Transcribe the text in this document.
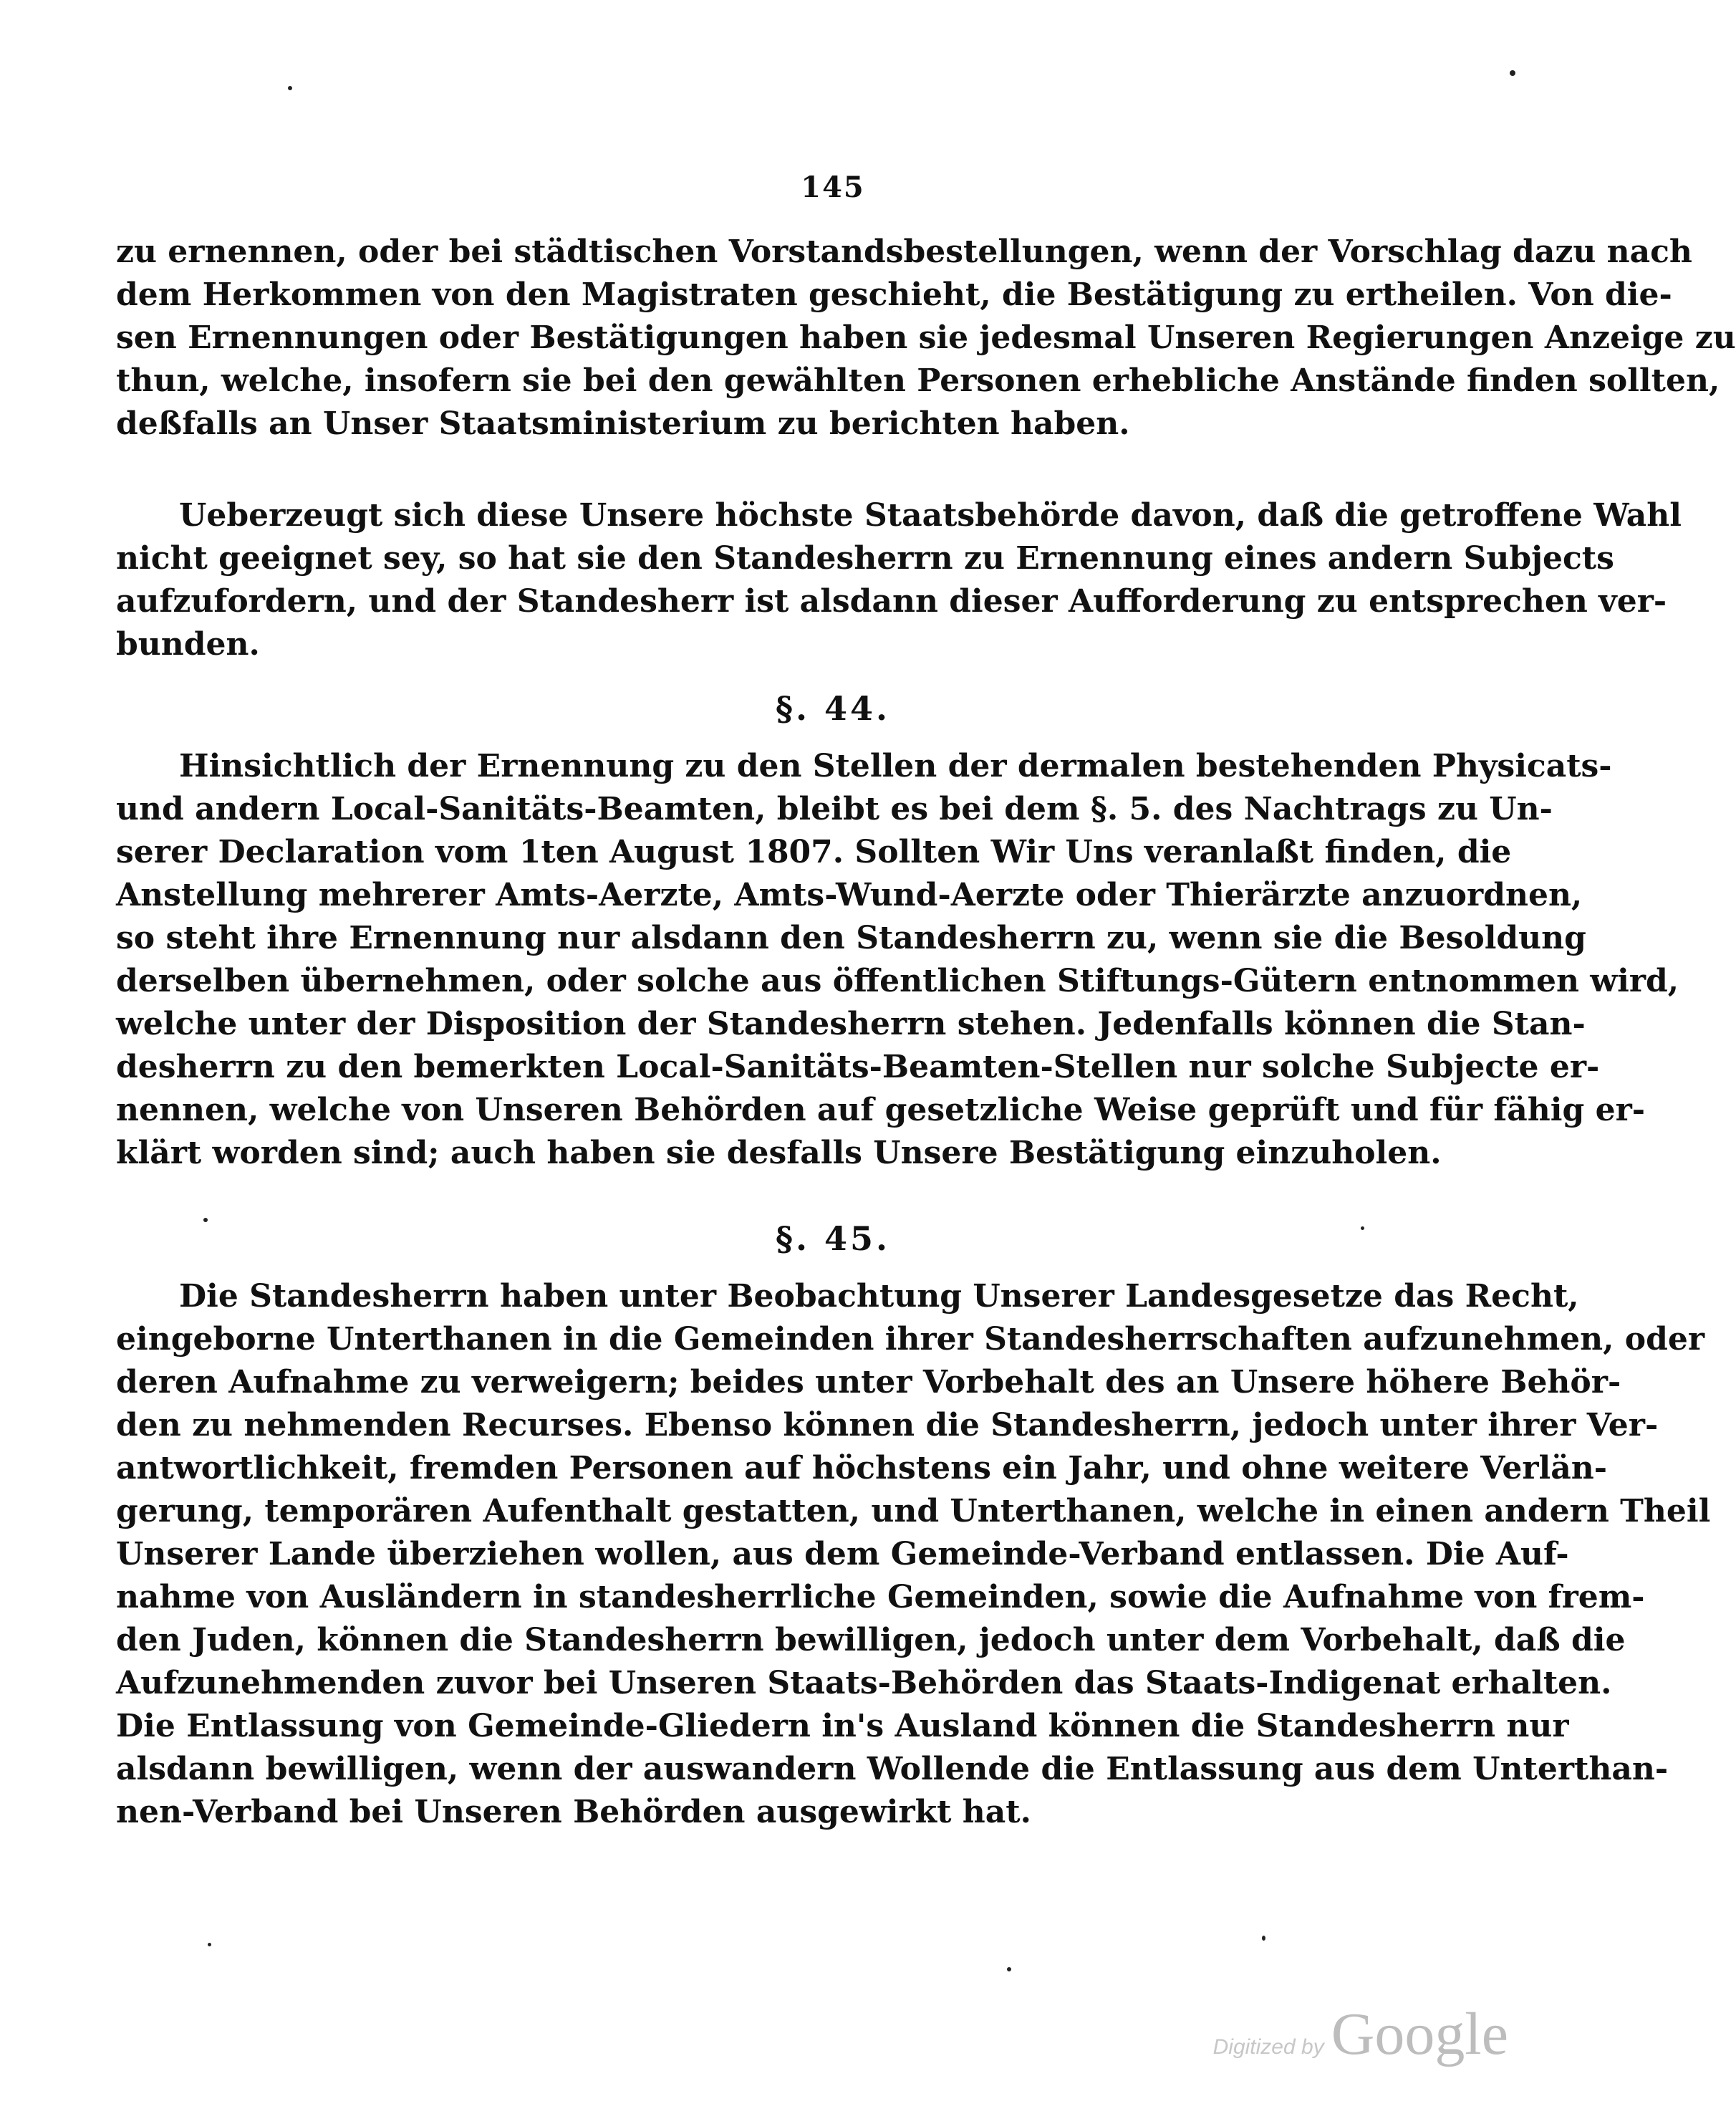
145
zu ernennen, oder bei städtischen Vorstandsbestellungen, wenn der Vorschlag dazu nach
dem Herkommen von den Magistraten geschieht, die Bestätigung zu ertheilen. Von die-
sen Ernennungen oder Bestätigungen haben sie jedesmal Unseren Regierungen Anzeige zu
thun, welche, insofern sie bei den gewählten Personen erhebliche Anstände finden sollten,
deßfalls an Unser Staatsministerium zu berichten haben.
Ueberzeugt sich diese Unsere höchste Staatsbehörde davon, daß die getroffene Wahl
nicht geeignet sey, so hat sie den Standesherrn zu Ernennung eines andern Subjects
aufzufordern, und der Standesherr ist alsdann dieser Aufforderung zu entsprechen ver-
bunden.
§. 44.
Hinsichtlich der Ernennung zu den Stellen der dermalen bestehenden Physicats-
und andern Local-Sanitäts-Beamten, bleibt es bei dem §. 5. des Nachtrags zu Un-
serer Declaration vom 1ten August 1807. Sollten Wir Uns veranlaßt finden, die
Anstellung mehrerer Amts-Aerzte, Amts-Wund-Aerzte oder Thierärzte anzuordnen,
so steht ihre Ernennung nur alsdann den Standesherrn zu, wenn sie die Besoldung
derselben übernehmen, oder solche aus öffentlichen Stiftungs-Gütern entnommen wird,
welche unter der Disposition der Standesherrn stehen. Jedenfalls können die Stan-
desherrn zu den bemerkten Local-Sanitäts-Beamten-Stellen nur solche Subjecte er-
nennen, welche von Unseren Behörden auf gesetzliche Weise geprüft und für fähig er-
klärt worden sind; auch haben sie desfalls Unsere Bestätigung einzuholen.
§. 45.
Die Standesherrn haben unter Beobachtung Unserer Landesgesetze das Recht,
eingeborne Unterthanen in die Gemeinden ihrer Standesherrschaften aufzunehmen, oder
deren Aufnahme zu verweigern; beides unter Vorbehalt des an Unsere höhere Behör-
den zu nehmenden Recurses. Ebenso können die Standesherrn, jedoch unter ihrer Ver-
antwortlichkeit, fremden Personen auf höchstens ein Jahr, und ohne weitere Verlän-
gerung, temporären Aufenthalt gestatten, und Unterthanen, welche in einen andern Theil
Unserer Lande überziehen wollen, aus dem Gemeinde-Verband entlassen. Die Auf-
nahme von Ausländern in standesherrliche Gemeinden, sowie die Aufnahme von frem-
den Juden, können die Standesherrn bewilligen, jedoch unter dem Vorbehalt, daß die
Aufzunehmenden zuvor bei Unseren Staats-Behörden das Staats-Indigenat erhalten.
Die Entlassung von Gemeinde-Gliedern in's Ausland können die Standesherrn nur
alsdann bewilligen, wenn der auswandern Wollende die Entlassung aus dem Unterthan-
nen-Verband bei Unseren Behörden ausgewirkt hat.
Digitized by Google
